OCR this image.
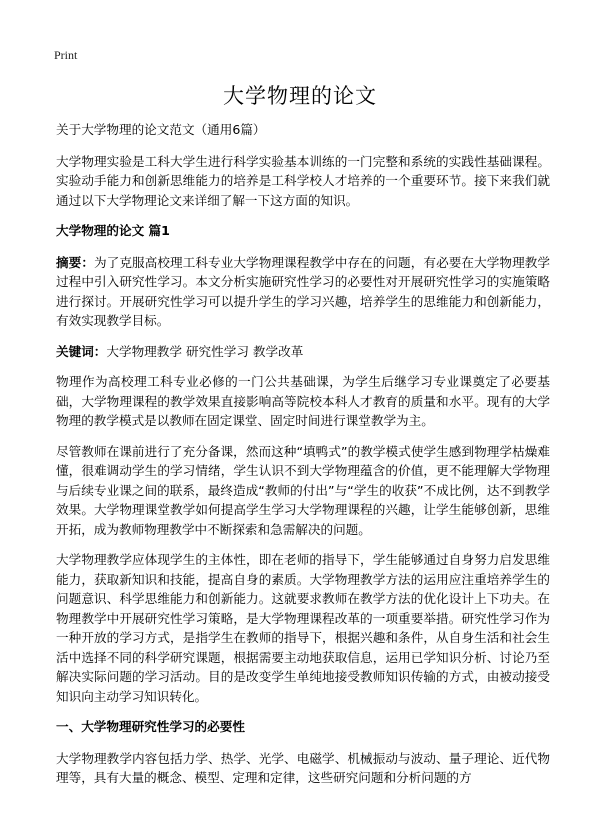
Print
大学物理的论文

关于大学物理的论文范文（通用6篇）

大学物理实验是工科大学生进行科学实验基本训练的一门完整和系统的实践性基础课程。实验动手能力和创新思维能力的培养是工科学校人才培养的一个重要环节。接下来我们就通过以下大学物理论文来详细了解一下这方面的知识。

大学物理的论文 篇1

摘要：为了克服高校理工科专业大学物理课程教学中存在的问题，有必要在大学物理教学过程中引入研究性学习。本文分析实施研究性学习的必要性对开展研究性学习的实施策略进行探讨。开展研究性学习可以提升学生的学习兴趣，培养学生的思维能力和创新能力，有效实现教学目标。

关键词：大学物理教学 研究性学习 教学改革

物理作为高校理工科专业必修的一门公共基础课，为学生后继学习专业课奠定了必要基础，大学物理课程的教学效果直接影响高等院校本科人才教育的质量和水平。现有的大学物理的教学模式是以教师在固定课堂、固定时间进行课堂教学为主。

尽管教师在课前进行了充分备课，然而这种“填鸭式”的教学模式使学生感到物理学枯燥难懂，很难调动学生的学习情绪，学生认识不到大学物理蕴含的价值，更不能理解大学物理与后续专业课之间的联系，最终造成“教师的付出”与“学生的收获”不成比例，达不到教学效果。大学物理课堂教学如何提高学生学习大学物理课程的兴趣，让学生能够创新，思维开拓，成为教师物理教学中不断探索和急需解决的问题。

大学物理教学应体现学生的主体性，即在老师的指导下，学生能够通过自身努力启发思维能力，获取新知识和技能，提高自身的素质。大学物理教学方法的运用应注重培养学生的问题意识、科学思维能力和创新能力。这就要求教师在教学方法的优化设计上下功夫。在物理教学中开展研究性学习策略，是大学物理课程改革的一项重要举措。研究性学习作为一种开放的学习方式，是指学生在教师的指导下，根据兴趣和条件，从自身生活和社会生活中选择不同的科学研究课题，根据需要主动地获取信息，运用已学知识分析、讨论乃至解决实际问题的学习活动。目的是改变学生单纯地接受教师知识传输的方式，由被动接受知识向主动学习知识转化。

一、大学物理研究性学习的必要性

大学物理教学内容包括力学、热学、光学、电磁学、机械振动与波动、量子理论、近代物理等，具有大量的概念、模型、定理和定律，这些研究问题和分析问题的方
